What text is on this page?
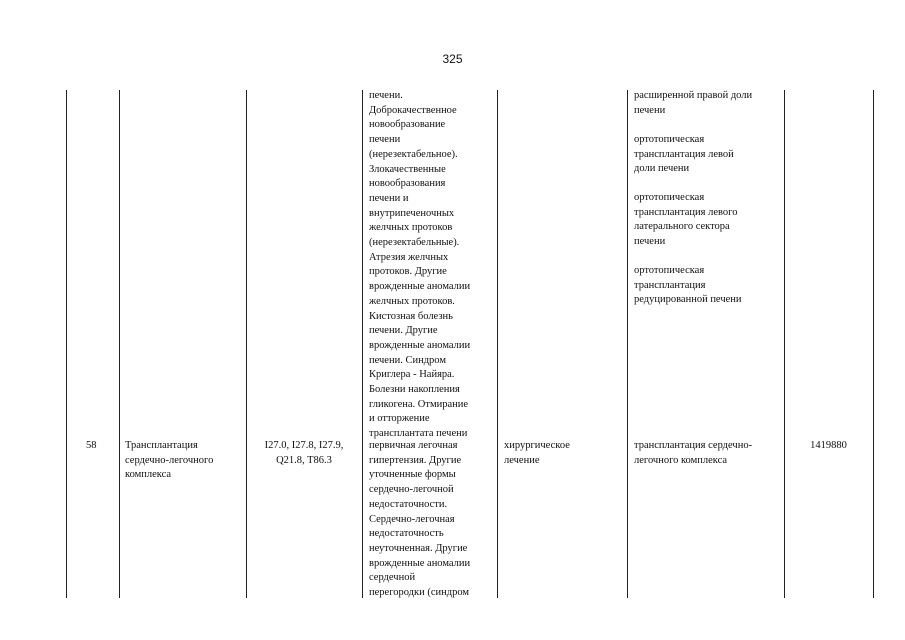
325
печени.
Доброкачественное
новообразование
печени
(нерезектабельное).
Злокачественные
новообразования
печени и
внутрипеченочных
желчных протоков
(нерезектабельные).
Атрезия желчных
протоков. Другие
врожденные аномалии
желчных протоков.
Кистозная болезнь
печени. Другие
врожденные аномалии
печени. Синдром
Криглера - Найяра.
Болезни накопления
гликогена. Отмирание
и отторжение
трансплантата печени
первичная легочная
гипертензия. Другие
уточненные формы
сердечно-легочной
недостаточности.
Сердечно-легочная
недостаточность
неуточненная. Другие
врожденные аномалии
сердечной
перегородки (синдром
расширенной правой доли
печени
ортотопическая
трансплантация левой
доли печени
ортотопическая
трансплантация левого
латерального сектора
печени
ортотопическая
трансплантация
редуцированной печени
58	Трансплантация
сердечно-легочного
комплекса
I27.0, I27.8, I27.9,
Q21.8, T86.3
хирургическое
лечение
трансплантация сердечно-
легочного комплекса
1419880
